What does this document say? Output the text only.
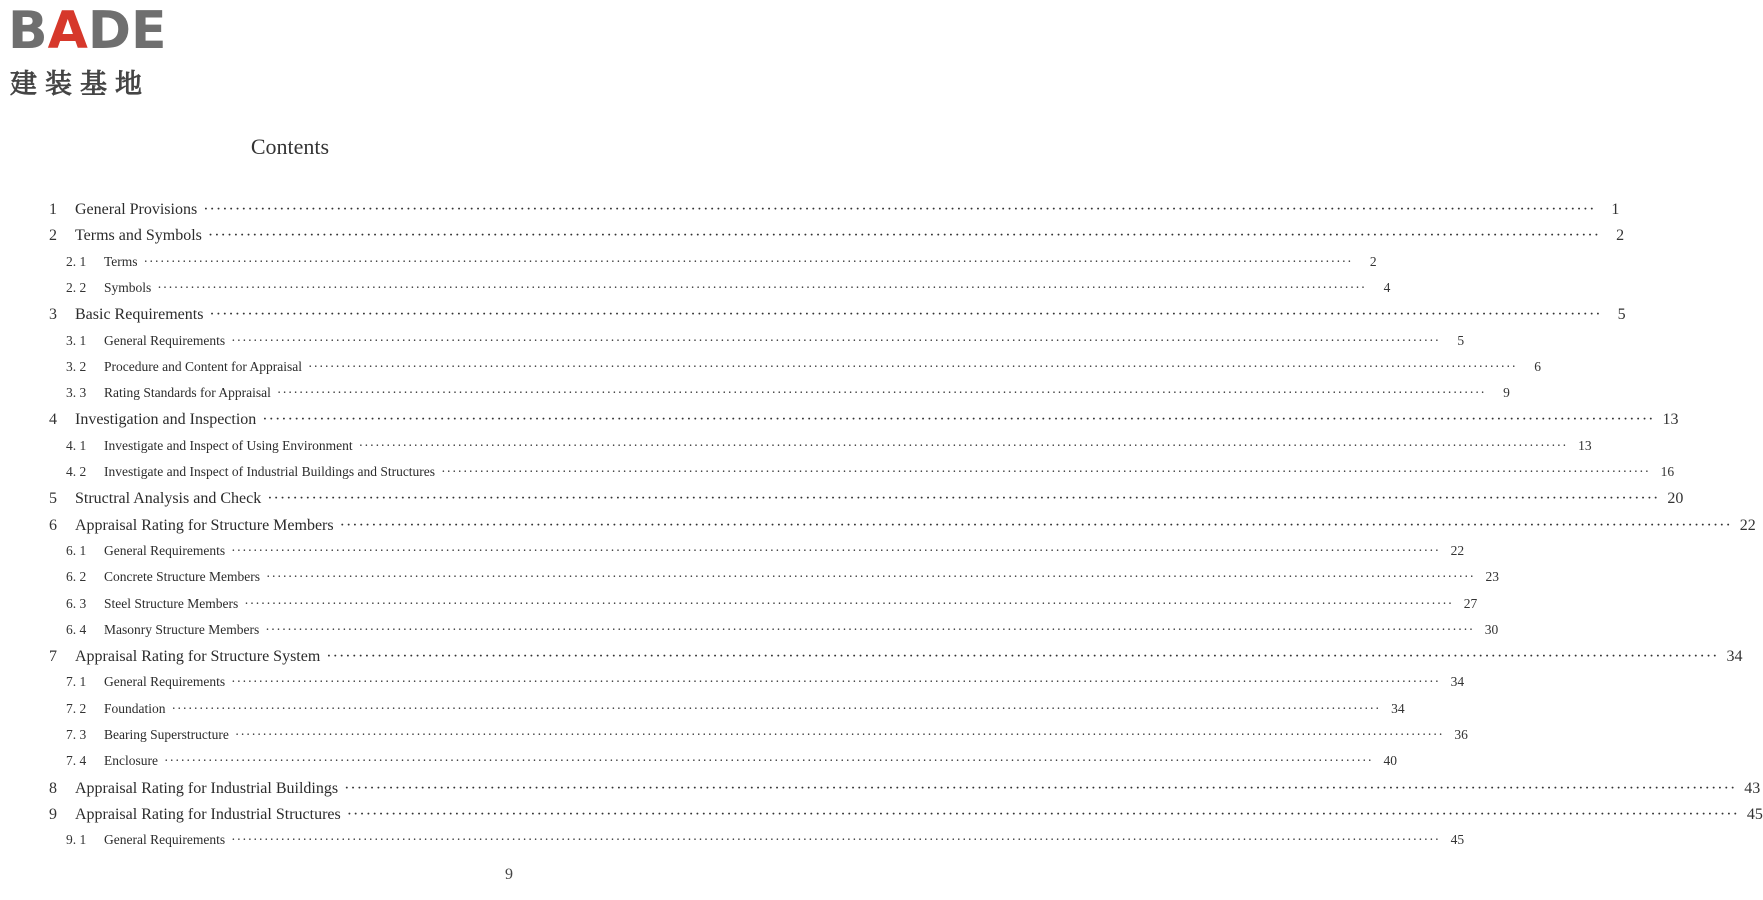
BADE
建装基地
Contents
1 General Provisions ····························································································································································································································	1
2 Terms and Symbols ····························································································································································································································	2
2. 1 Terms ····························································································································································································································	2
2. 2 Symbols ····························································································································································································································	4
3 Basic Requirements ····························································································································································································································	5
3. 1 General Requirements ····························································································································································································································	5
3. 2 Procedure and Content for Appraisal ····························································································································································································································	6
3. 3 Rating Standards for Appraisal ····························································································································································································································	9
4 Investigation and Inspection ···························································································································································································································· 13
4. 1 Investigate and Inspect of Using Environment ···························································································································································································································· 13
4. 2 Investigate and Inspect of Industrial Buildings and Structures ···························································································································································································································· 16
5 Structral Analysis and Check ···························································································································································································································· 20
6 Appraisal Rating for Structure Members ···························································································································································································································· 22
6. 1 General Requirements ···························································································································································································································· 22
6. 2 Concrete Structure Members ···························································································································································································································· 23
6. 3 Steel Structure Members ···························································································································································································································· 27
6. 4 Masonry Structure Members ···························································································································································································································· 30
7 Appraisal Rating for Structure System ···························································································································································································································· 34
7. 1 General Requirements ···························································································································································································································· 34
7. 2 Foundation ···························································································································································································································· 34
7. 3 Bearing Superstructure ···························································································································································································································· 36
7. 4 Enclosure ···························································································································································································································· 40
8 Appraisal Rating for Industrial Buildings ···························································································································································································································· 43
9 Appraisal Rating for Industrial Structures ···························································································································································································································· 45
9. 1 General Requirements ···························································································································································································································· 45
9
